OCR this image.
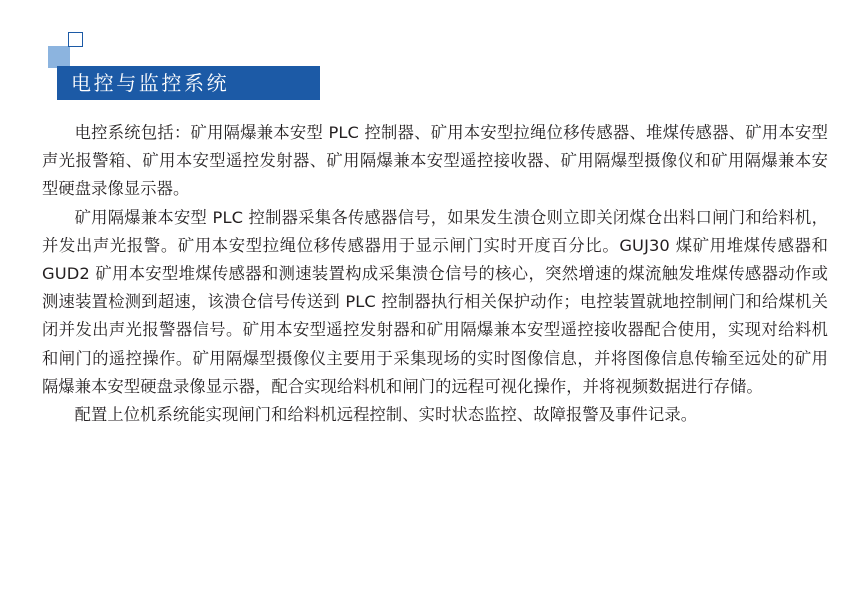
电控与监控系统

电控系统包括：矿用隔爆兼本安型 PLC 控制器、矿用本安型拉绳位移传感器、堆煤传感器、矿用本安型声光报警箱、矿用本安型遥控发射器、矿用隔爆兼本安型遥控接收器、矿用隔爆型摄像仪和矿用隔爆兼本安型硬盘录像显示器。

矿用隔爆兼本安型 PLC 控制器采集各传感器信号，如果发生溃仓则立即关闭煤仓出料口闸门和给料机，并发出声光报警。矿用本安型拉绳位移传感器用于显示闸门实时开度百分比。GUJ30 煤矿用堆煤传感器和 GUD2 矿用本安型堆煤传感器和测速装置构成采集溃仓信号的核心，突然增速的煤流触发堆煤传感器动作或测速装置检测到超速，该溃仓信号传送到 PLC 控制器执行相关保护动作；电控装置就地控制闸门和给煤机关闭并发出声光报警器信号。矿用本安型遥控发射器和矿用隔爆兼本安型遥控接收器配合使用，实现对给料机和闸门的遥控操作。矿用隔爆型摄像仪主要用于采集现场的实时图像信息，并将图像信息传输至远处的矿用隔爆兼本安型硬盘录像显示器，配合实现给料机和闸门的远程可视化操作，并将视频数据进行存储。

配置上位机系统能实现闸门和给料机远程控制、实时状态监控、故障报警及事件记录。
